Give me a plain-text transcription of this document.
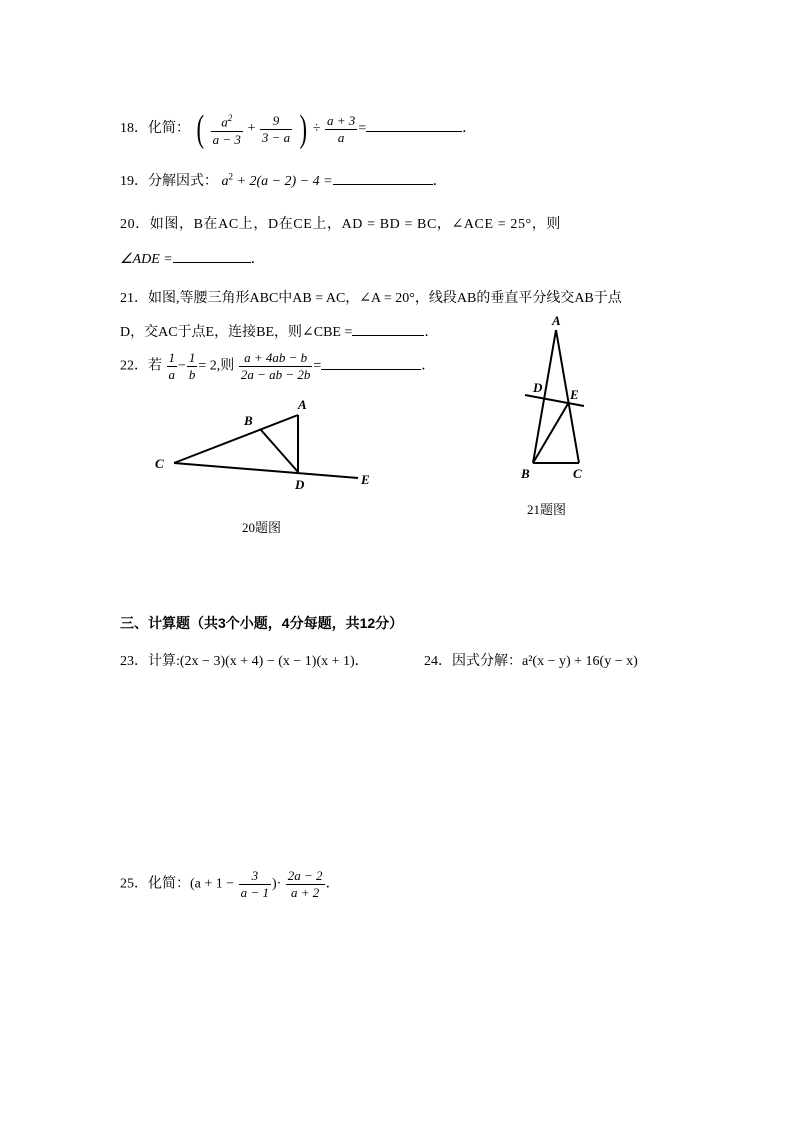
18．化简： ( $\frac{a^2}{a - 3} + \frac{9}{3 - a}$ ) ÷ $\frac{a + 3}{a}$ =	．
19．分解因式： $a^2 + 2(a - 2) - 4$ =	．
20．如图，B在AC上，D在CE上，AD = BD = BC，∠ACE = 25°，则
∠ADE =	．
21．如图,等腰三角形ABC中AB = AC，∠A = 20°，线段AB的垂直平分线交AB于点
D，交AC于点E，连接BE，则∠CBE =	．
22．若 $\frac{1}{a} - \frac{1}{b} = 2$,则 $\frac{a + 4ab - b}{2a - ab - 2b}$ =	．
C
B
A
D	E
20题图
A
D E
B	C
21题图
三、计算题（共3个小题，4分每题，共12分）
23．计算:(2x − 3)(x + 4) − (x − 1)(x + 1)．	24．因式分解：a²(x − y) + 16(y − x)
25．化简：($a + 1 - \frac{3}{a - 1}$ )· $\frac{2a - 2}{a + 2}$ ．
